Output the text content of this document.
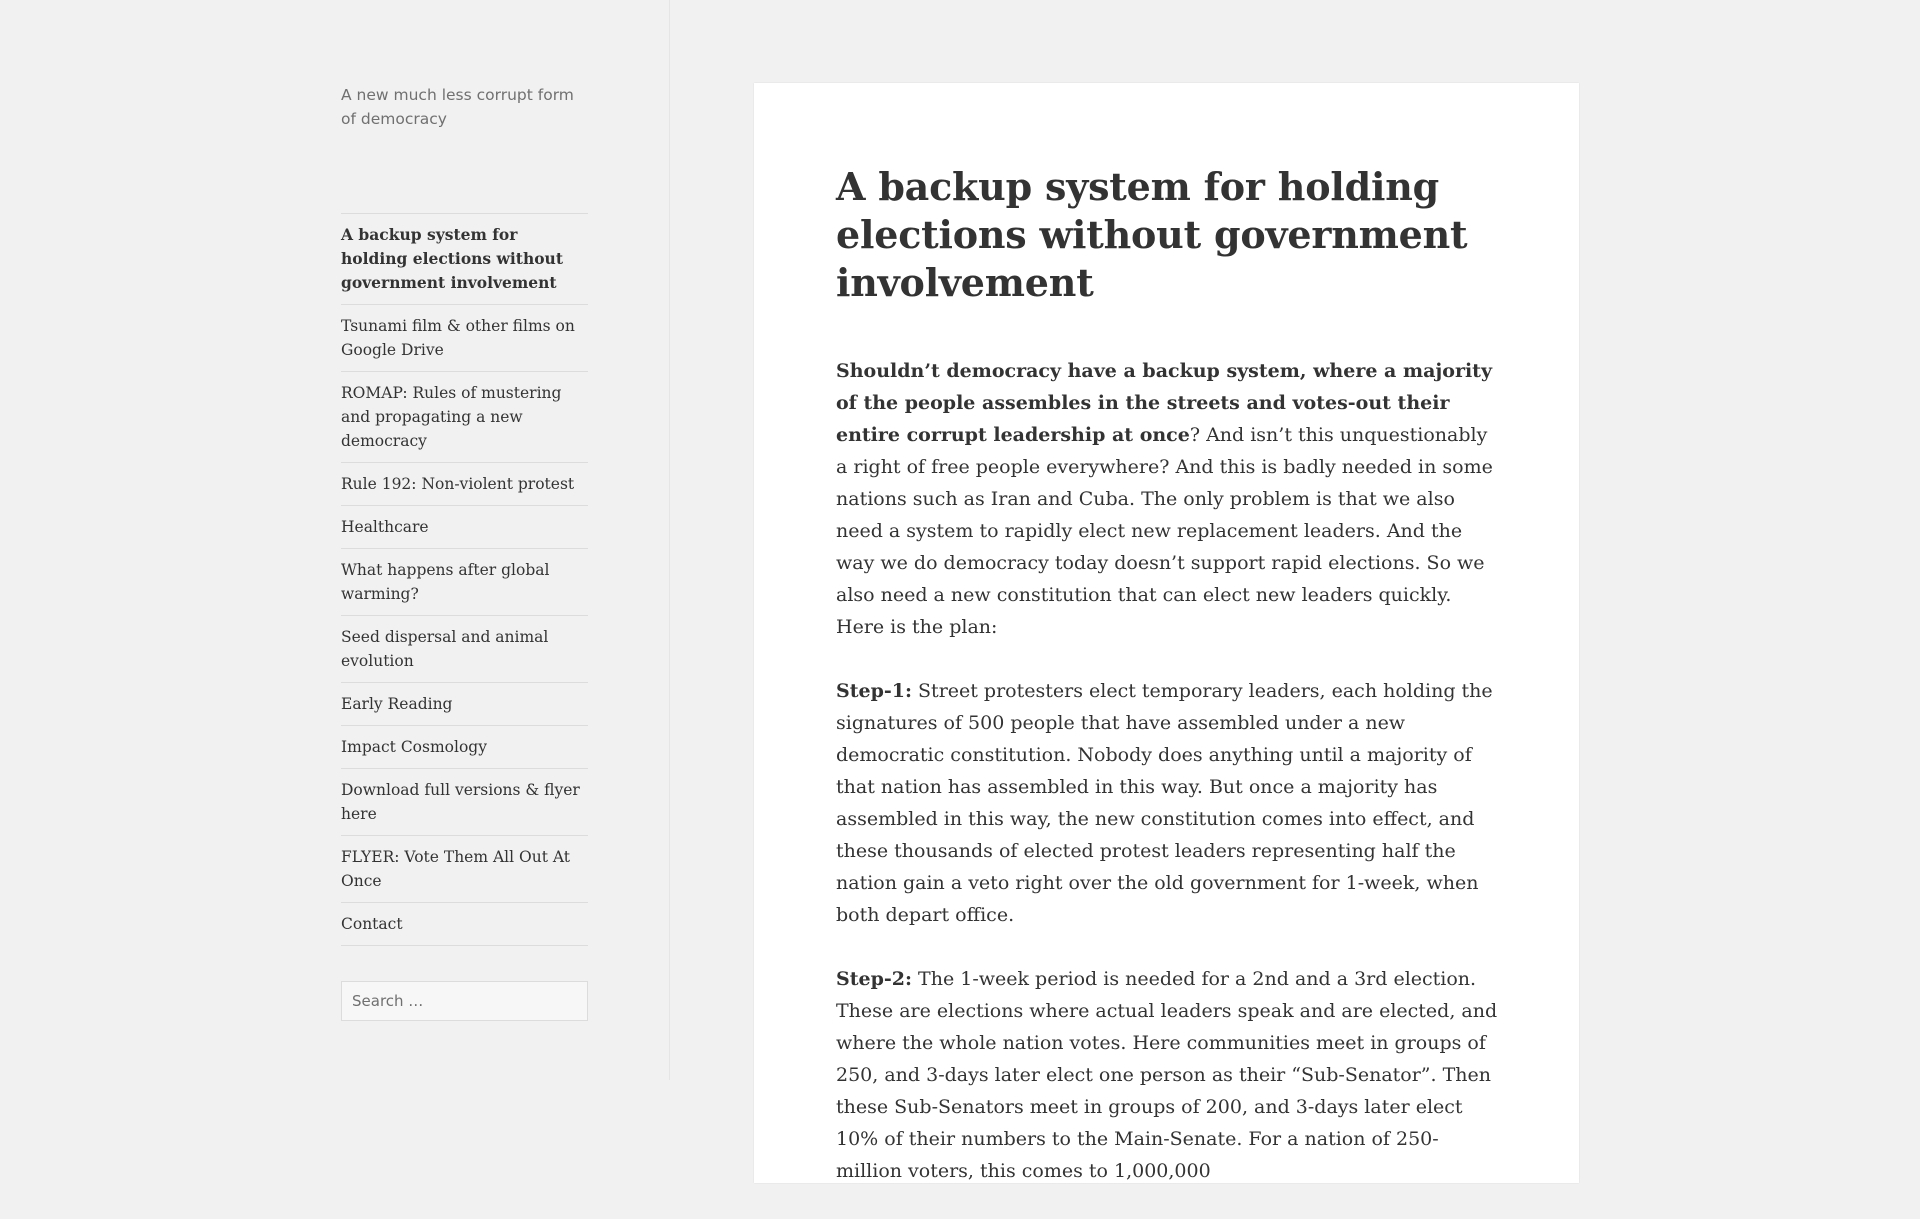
A new much less corrupt form of democracy
A backup system for holding elections without government involvement
Tsunami film & other films on Google Drive
ROMAP: Rules of mustering and propagating a new democracy
Rule 192: Non-violent protest
Healthcare
What happens after global warming?
Seed dispersal and animal evolution
Early Reading
Impact Cosmology
Download full versions & flyer here
FLYER: Vote Them All Out At Once
Contact
Search …
A backup system for holding elections without government involvement

Shouldn’t democracy have a backup system, where a majority of the people assembles in the streets and votes-out their entire corrupt leadership at once? And isn’t this unquestionably a right of free people everywhere? And this is badly needed in some nations such as Iran and Cuba. The only problem is that we also need a system to rapidly elect new replacement leaders. And the way we do democracy today doesn’t support rapid elections. So we also need a new constitution that can elect new leaders quickly. Here is the plan:

Step-1: Street protesters elect temporary leaders, each holding the signatures of 500 people that have assembled under a new democratic constitution. Nobody does anything until a majority of that nation has assembled in this way. But once a majority has assembled in this way, the new constitution comes into effect, and these thousands of elected protest leaders representing half the nation gain a veto right over the old government for 1-week, when both depart office.

Step-2: The 1-week period is needed for a 2nd and a 3rd election. These are elections where actual leaders speak and are elected, and where the whole nation votes. Here communities meet in groups of 250, and 3-days later elect one person as their “Sub-Senator”. Then these Sub-Senators meet in groups of 200, and 3-days later elect 10% of their numbers to the Main-Senate. For a nation of 250-million voters, this comes to 1,000,000
